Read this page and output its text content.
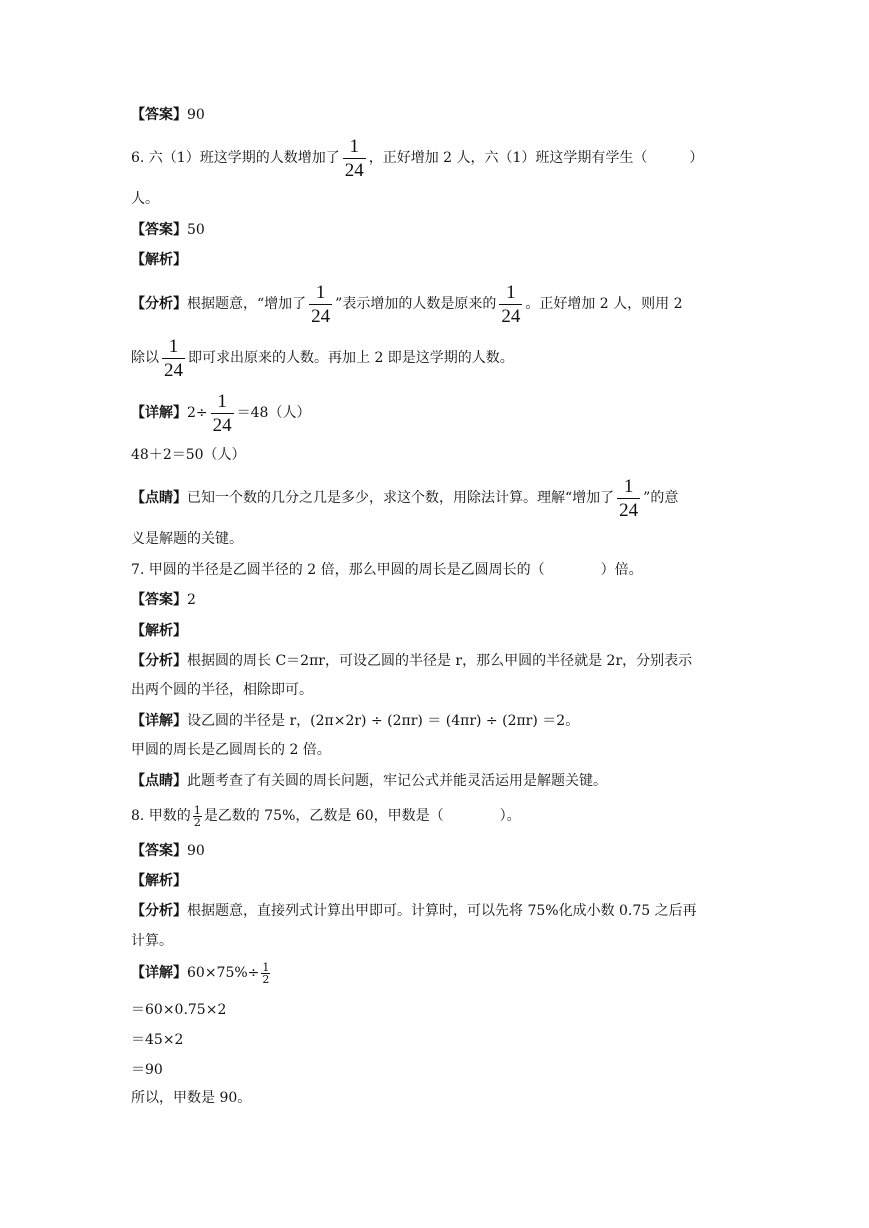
【答案】90
6. 六（1）班这学期的人数增加了 $\frac{1}{24}$ ，正好增加 2 人，六（1）班这学期有学生（　　　）
人。
【答案】50
【解析】
【分析】根据题意，“增加了 $\frac{1}{24}$ ”表示增加的人数是原来的 $\frac{1}{24}$ 。正好增加 2 人，则用 2
除以 $\frac{1}{24}$ 即可求出原来的人数。再加上 2 即是这学期的人数。
【详解】$2\div \frac{1}{24} =48$（人）
48＋2＝50（人）
【点睛】已知一个数的几分之几是多少，求这个数，用除法计算。理解“增加了 $\frac{1}{24}$ ”的意
义是解题的关键。
7. 甲圆的半径是乙圆半径的 2 倍，那么甲圆的周长是乙圆周长的（　　　　）倍。
【答案】2
【解析】
【分析】根据圆的周长 C＝2πr，可设乙圆的半径是 r，那么甲圆的半径就是 2r，分别表示
出两个圆的半径，相除即可。
【详解】设乙圆的半径是 r，(2π×2r) ÷ (2πr) ＝ (4πr) ÷ (2πr) ＝2。
甲圆的周长是乙圆周长的 2 倍。
【点睛】此题考查了有关圆的周长问题，牢记公式并能灵活运用是解题关键。
8. 甲数的 $\frac{1}{2}$ 是乙数的 75%，乙数是 60，甲数是（　　　　）。
【答案】90
【解析】
【分析】根据题意，直接列式计算出甲即可。计算时，可以先将 75%化成小数 0.75 之后再
计算。
【详解】$60\times 75\%\div \frac{1}{2}$
＝60×0.75×2
＝45×2
＝90
所以，甲数是 90。
